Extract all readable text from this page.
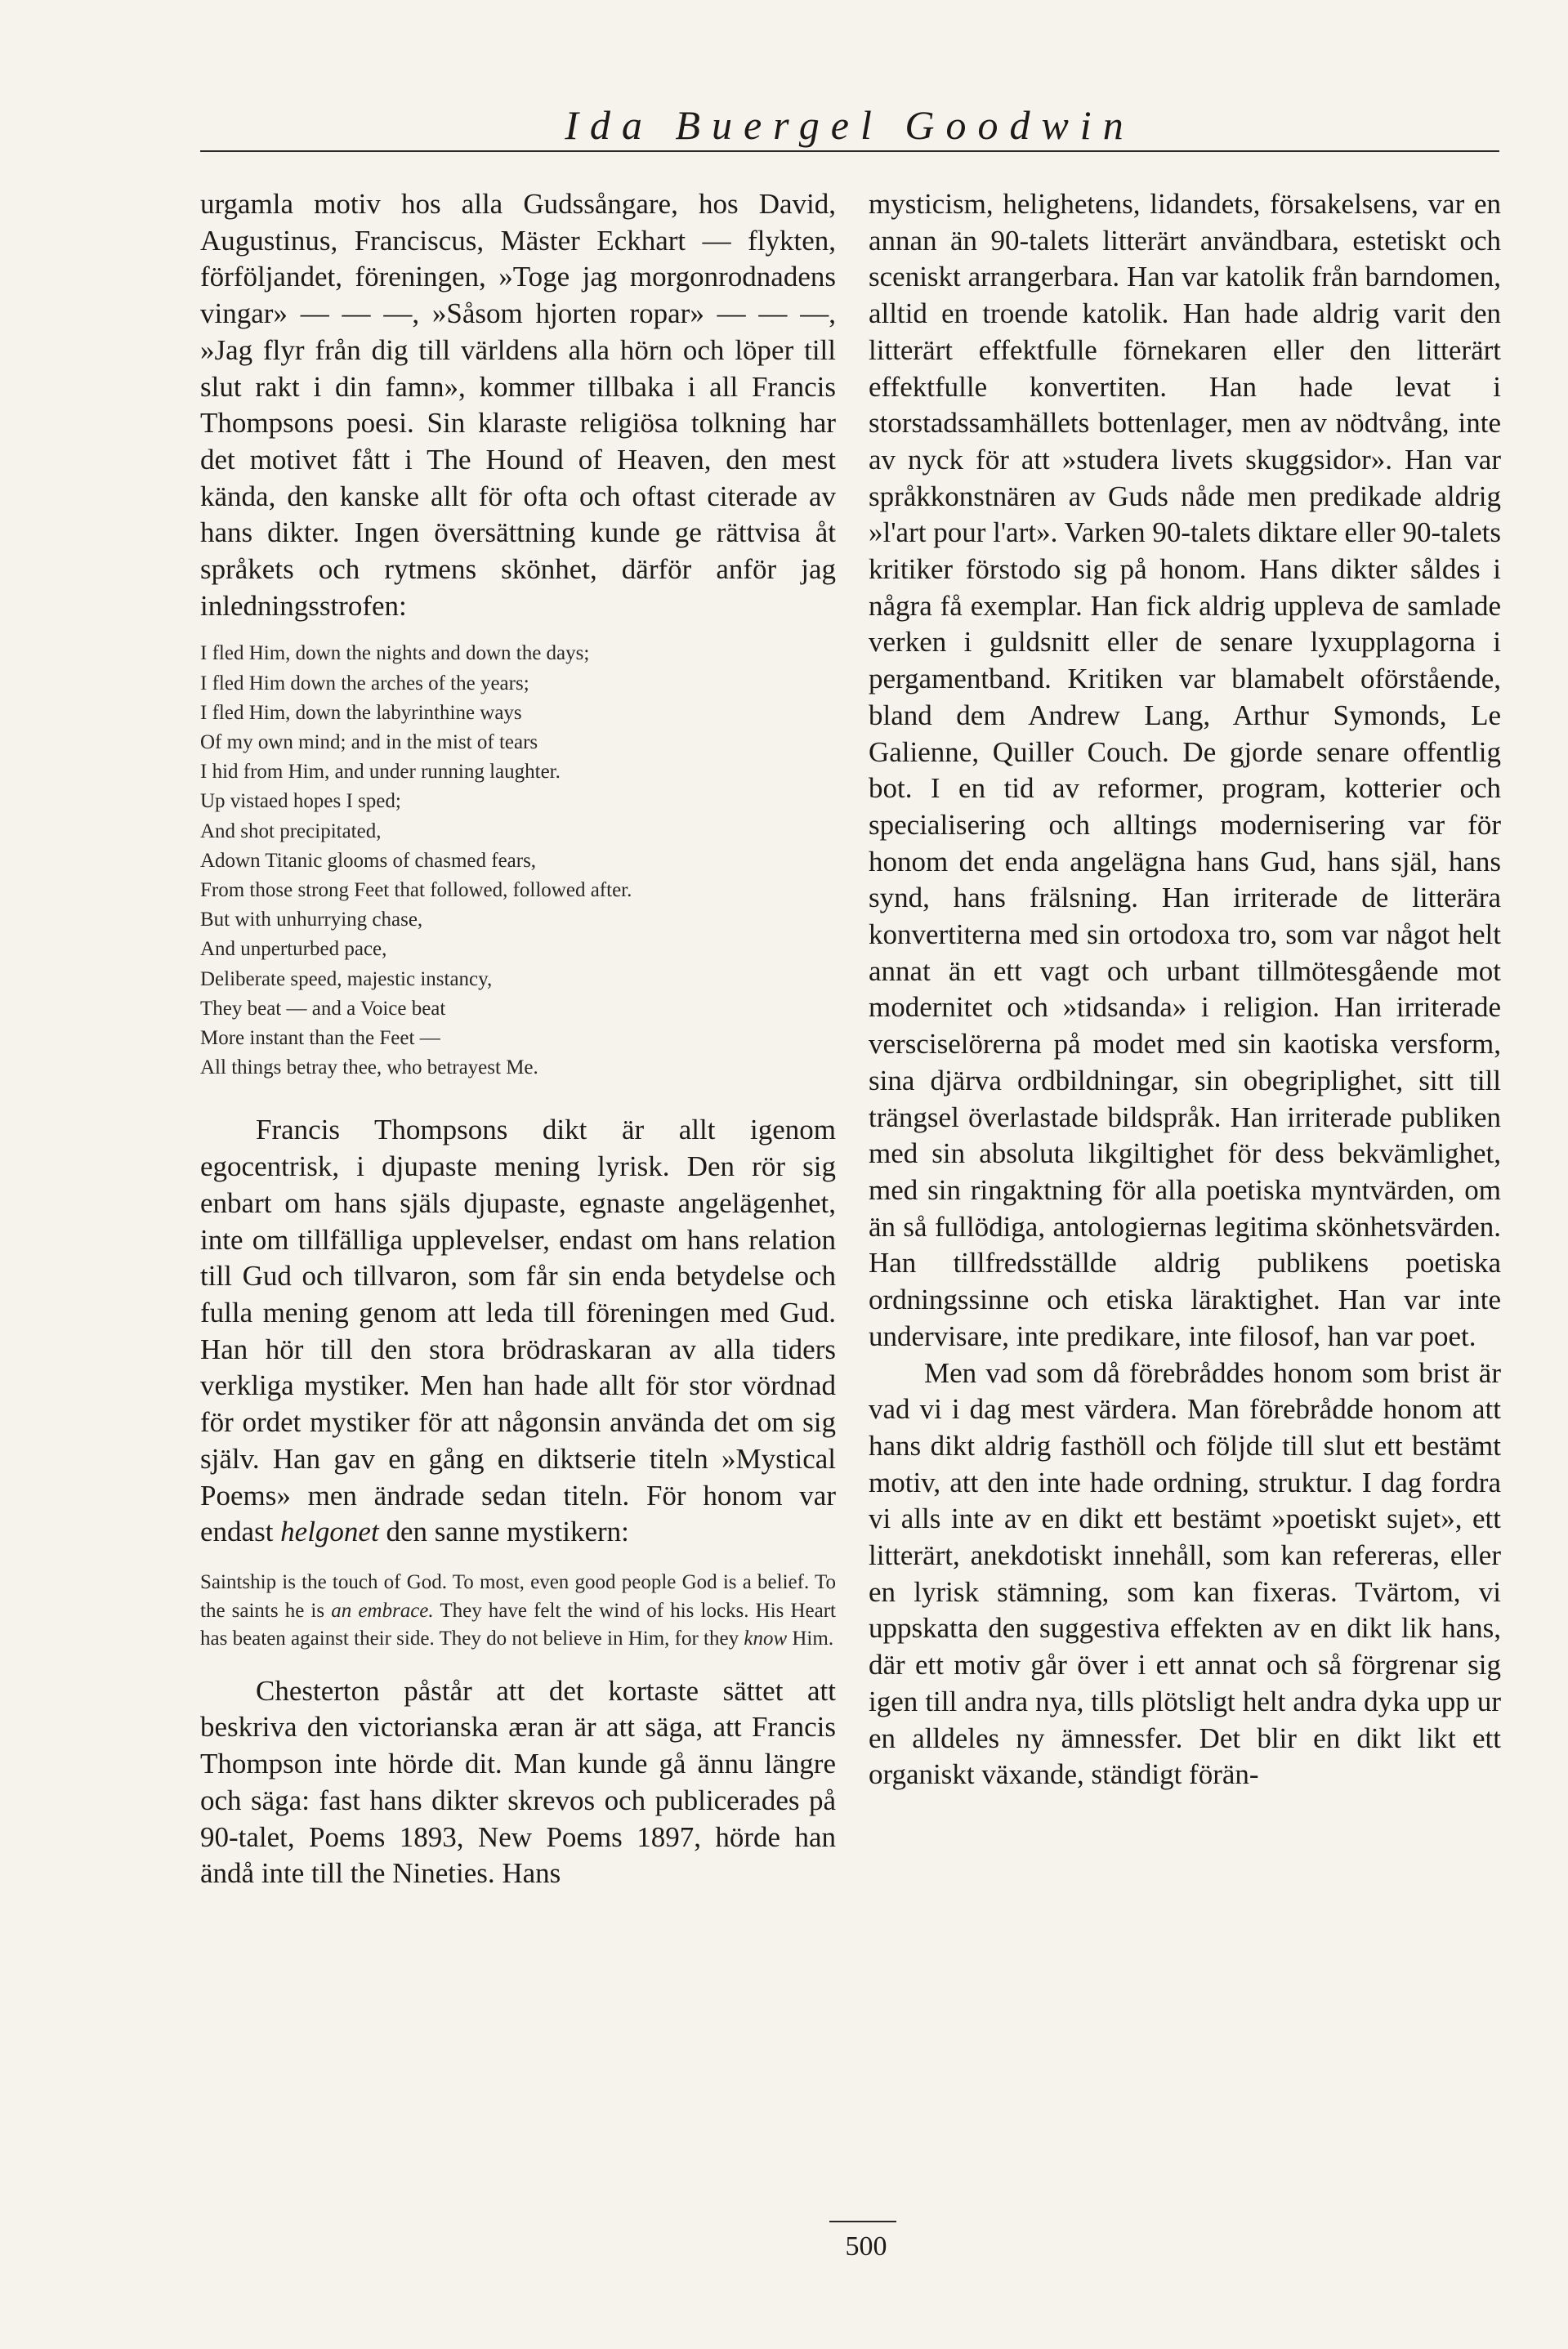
Ida Buergel Goodwin

urgamla motiv hos alla Gudssångare, hos David, Augustinus, Franciscus, Mäster Eckhart — flykten, förföljandet, föreningen, »Toge jag morgonrodnadens vingar» — — —, »Såsom hjorten ropar» — — —, »Jag flyr från dig till världens alla hörn och löper till slut rakt i din famn», kommer tillbaka i all Francis Thompsons poesi. Sin klaraste religiösa tolkning har det motivet fått i The Hound of Heaven, den mest kända, den kanske allt för ofta och oftast citerade av hans dikter. Ingen översättning kunde ge rättvisa åt språkets och rytmens skönhet, därför anför jag inledningsstrofen:

I fled Him, down the nights and down the days;
I fled Him down the arches of the years;
I fled Him, down the labyrinthine ways
Of my own mind; and in the mist of tears
I hid from Him, and under running laughter.
Up vistaed hopes I sped;
And shot precipitated,
Adown Titanic glooms of chasmed fears,
From those strong Feet that followed, followed after.
But with unhurrying chase,
And unperturbed pace,
Deliberate speed, majestic instancy,
They beat — and a Voice beat
More instant than the Feet —
All things betray thee, who betrayest Me.

Francis Thompsons dikt är allt igenom egocentrisk, i djupaste mening lyrisk. Den rör sig enbart om hans själs djupaste, egnaste angelägenhet, inte om tillfälliga upplevelser, endast om hans relation till Gud och tillvaron, som får sin enda betydelse och fulla mening genom att leda till föreningen med Gud. Han hör till den stora brödraskaran av alla tiders verkliga mystiker. Men han hade allt för stor vördnad för ordet mystiker för att någonsin använda det om sig själv. Han gav en gång en diktserie titeln »Mystical Poems» men ändrade sedan titeln. För honom var endast helgonet den sanne mystikern:

Saintship is the touch of God. To most, even good people God is a belief. To the saints he is an embrace. They have felt the wind of his locks. His Heart has beaten against their side. They do not believe in Him, for they know Him.

Chesterton påstår att det kortaste sättet att beskriva den victorianska æran är att säga, att Francis Thompson inte hörde dit. Man kunde gå ännu längre och säga: fast hans dikter skrevos och publicerades på 90-talet, Poems 1893, New Poems 1897, hörde han ändå inte till the Nineties. Hans

mysticism, helighetens, lidandets, försakelsens, var en annan än 90-talets litterärt användbara, estetiskt och sceniskt arrangerbara. Han var katolik från barndomen, alltid en troende katolik. Han hade aldrig varit den litterärt effektfulle förnekaren eller den litterärt effektfulle konvertiten. Han hade levat i storstadssamhällets bottenlager, men av nödtvång, inte av nyck för att »studera livets skuggsidor». Han var språkkonstnären av Guds nåde men predikade aldrig »l'art pour l'art». Varken 90-talets diktare eller 90-talets kritiker förstodo sig på honom. Hans dikter såldes i några få exemplar. Han fick aldrig uppleva de samlade verken i guldsnitt eller de senare lyxupplagorna i pergamentband. Kritiken var blamabelt oförstående, bland dem Andrew Lang, Arthur Symonds, Le Galienne, Quiller Couch. De gjorde senare offentlig bot. I en tid av reformer, program, kotterier och specialisering och alltings modernisering var för honom det enda angelägna hans Gud, hans själ, hans synd, hans frälsning. Han irriterade de litterära konvertiterna med sin ortodoxa tro, som var något helt annat än ett vagt och urbant tillmötesgående mot modernitet och »tidsanda» i religion. Han irriterade versciselörerna på modet med sin kaotiska versform, sina djärva ordbildningar, sin obegriplighet, sitt till trängsel överlastade bildspråk. Han irriterade publiken med sin absoluta likgiltighet för dess bekvämlighet, med sin ringaktning för alla poetiska myntvärden, om än så fullödiga, antologiernas legitima skönhetsvärden. Han tillfredsställde aldrig publikens poetiska ordningssinne och etiska läraktighet. Han var inte undervisare, inte predikare, inte filosof, han var poet.

Men vad som då förebråddes honom som brist är vad vi i dag mest värdera. Man förebrådde honom att hans dikt aldrig fasthöll och följde till slut ett bestämt motiv, att den inte hade ordning, struktur. I dag fordra vi alls inte av en dikt ett bestämt »poetiskt sujet», ett litterärt, anekdotiskt innehåll, som kan refereras, eller en lyrisk stämning, som kan fixeras. Tvärtom, vi uppskatta den suggestiva effekten av en dikt lik hans, där ett motiv går över i ett annat och så förgrenar sig igen till andra nya, tills plötsligt helt andra dyka upp ur en alldeles ny ämnessfer. Det blir en dikt likt ett organiskt växande, ständigt förän-

500
